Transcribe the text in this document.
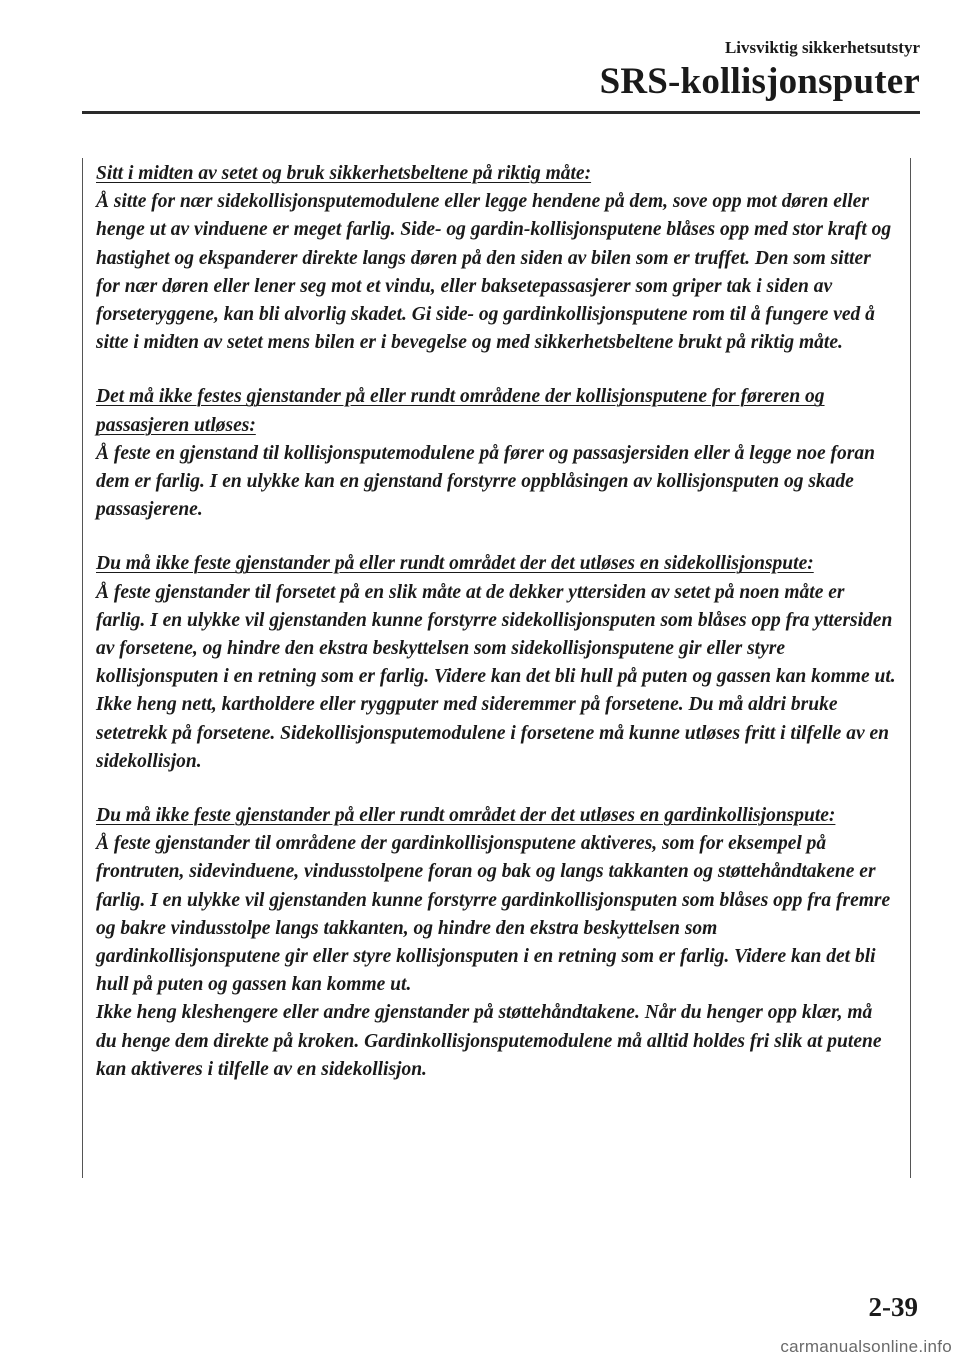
Livsviktig sikkerhetsutstyr
SRS-kollisjonsputer
Sitt i midten av setet og bruk sikkerhetsbeltene på riktig måte:

Å sitte for nær sidekollisjonsputemodulene eller legge hendene på dem, sove opp mot døren eller henge ut av vinduene er meget farlig. Side- og gardin-kollisjonsputene blåses opp med stor kraft og hastighet og ekspanderer direkte langs døren på den siden av bilen som er truffet. Den som sitter for nær døren eller lener seg mot et vindu, eller baksetepassasjerer som griper tak i siden av forseteryggene, kan bli alvorlig skadet. Gi side- og gardinkollisjonsputene rom til å fungere ved å sitte i midten av setet mens bilen er i bevegelse og med sikkerhetsbeltene brukt på riktig måte.

Det må ikke festes gjenstander på eller rundt områdene der kollisjonsputene for føreren og passasjeren utløses:

Å feste en gjenstand til kollisjonsputemodulene på fører og passasjersiden eller å legge noe foran dem er farlig. I en ulykke kan en gjenstand forstyrre oppblåsingen av kollisjonsputen og skade passasjerene.

Du må ikke feste gjenstander på eller rundt området der det utløses en sidekollisjonspute:

Å feste gjenstander til forsetet på en slik måte at de dekker yttersiden av setet på noen måte er farlig. I en ulykke vil gjenstanden kunne forstyrre sidekollisjonsputen som blåses opp fra yttersiden av forsetene, og hindre den ekstra beskyttelsen som sidekollisjonsputene gir eller styre kollisjonsputen i en retning som er farlig. Videre kan det bli hull på puten og gassen kan komme ut.

Ikke heng nett, kartholdere eller ryggputer med sideremmer på forsetene. Du må aldri bruke setetrekk på forsetene. Sidekollisjonsputemodulene i forsetene må kunne utløses fritt i tilfelle av en sidekollisjon.

Du må ikke feste gjenstander på eller rundt området der det utløses en gardinkollisjonspute:

Å feste gjenstander til områdene der gardinkollisjonsputene aktiveres, som for eksempel på frontruten, sidevinduene, vindusstolpene foran og bak og langs takkanten og støttehåndtakene er farlig. I en ulykke vil gjenstanden kunne forstyrre gardinkollisjonsputen som blåses opp fra fremre og bakre vindusstolpe langs takkanten, og hindre den ekstra beskyttelsen som gardinkollisjonsputene gir eller styre kollisjonsputen i en retning som er farlig. Videre kan det bli hull på puten og gassen kan komme ut.

Ikke heng kleshengere eller andre gjenstander på støttehåndtakene. Når du henger opp klær, må du henge dem direkte på kroken. Gardinkollisjonsputemodulene må alltid holdes fri slik at putene kan aktiveres i tilfelle av en sidekollisjon.

2-39
carmanualsonline.info
